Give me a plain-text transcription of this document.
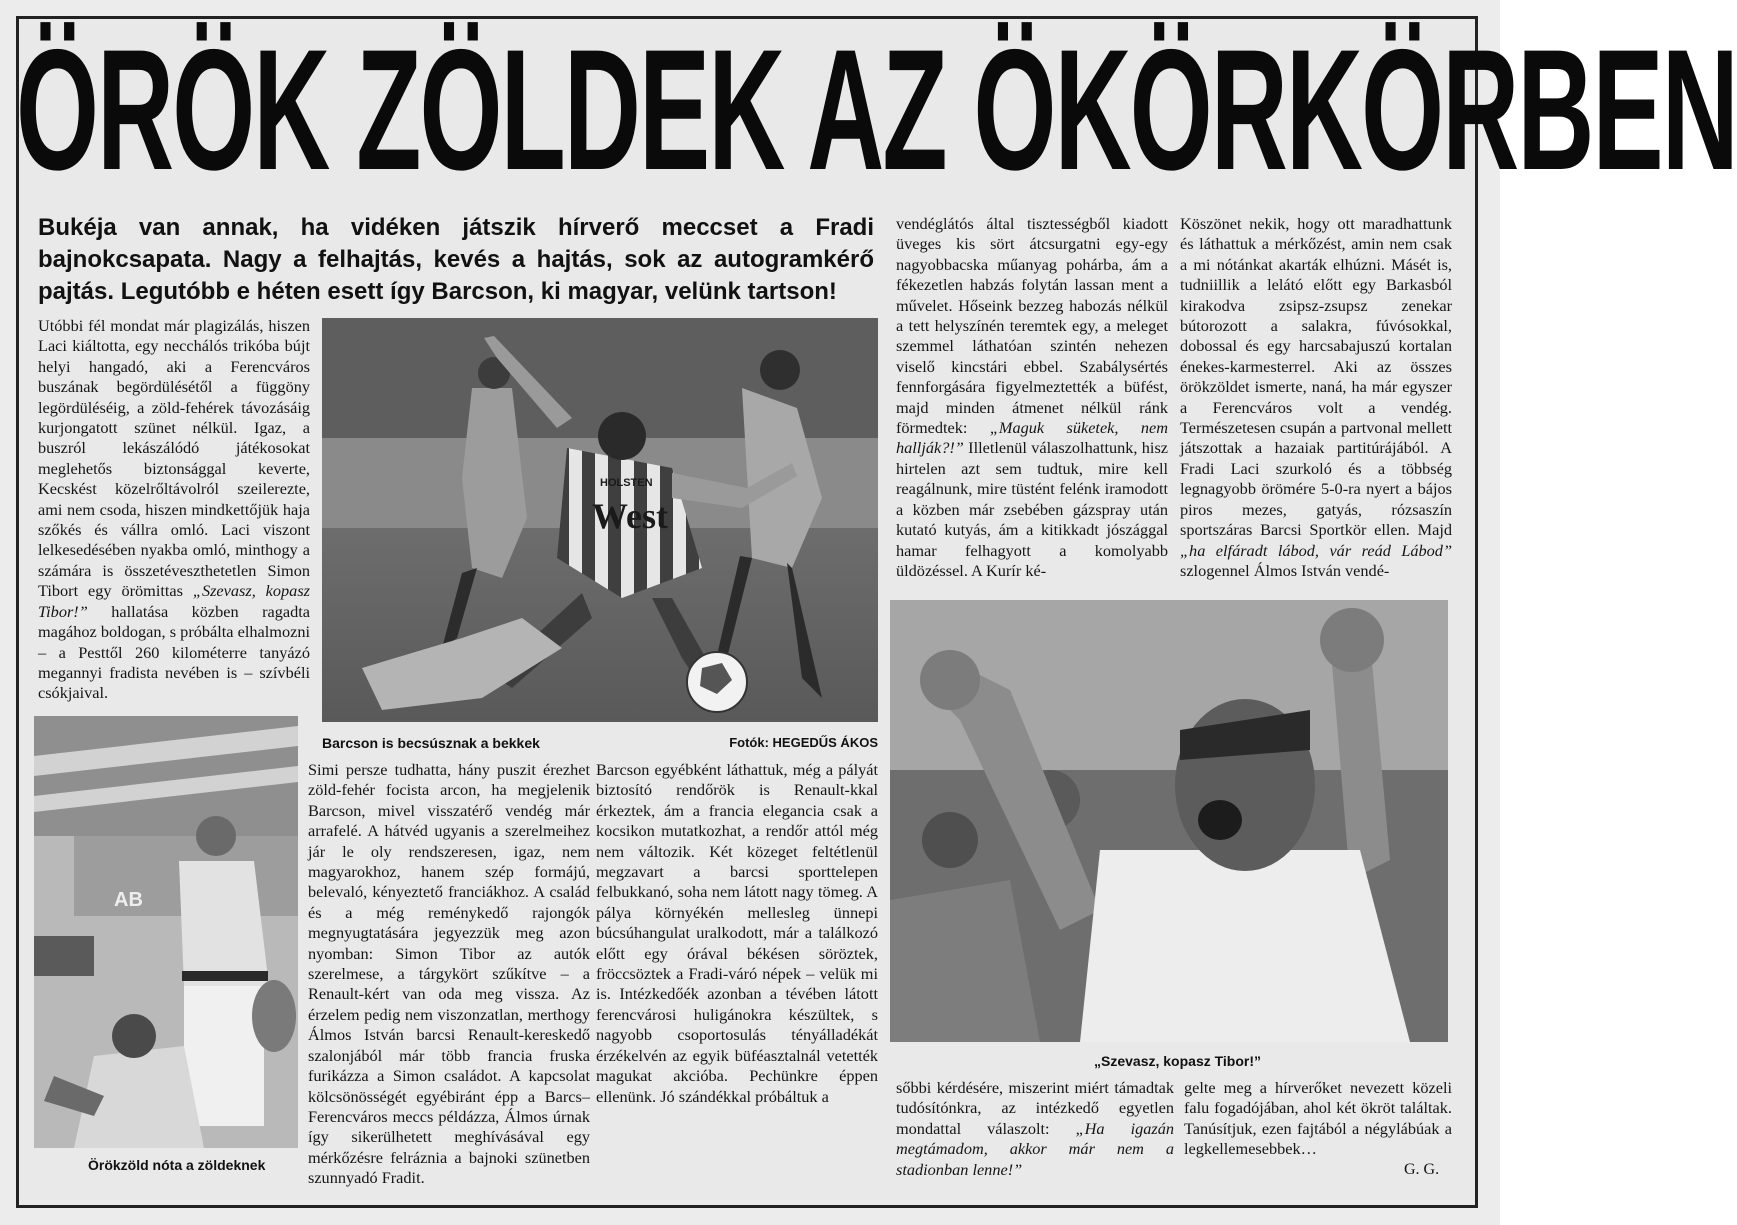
ÖRÖK ZÖLDEK AZ ÖKÖRKÖRBEN

Bukéja van annak, ha vidéken játszik hírverő meccset a Fradi bajnokcsapata. Nagy a felhajtás, kevés a hajtás, sok az autogramkérő pajtás. Legutóbb e héten esett így Barcson, ki magyar, velünk tartson!

Utóbbi fél mondat már plagizálás, hiszen Laci kiáltotta, egy necchálós trikóba bújt helyi hangadó, aki a Ferencváros buszának begördülésétől a függöny legördüléséig, a zöld-fehérek távozásáig kurjongatott szünet nélkül. Igaz, a buszról lekászálódó játékosokat meglehetős biztonsággal keverte, Kecskést közelrőltávolról szeilerezte, ami nem csoda, hiszen mindkettőjük haja szőkés és vállra omló. Laci viszont lelkesedésében nyakba omló, minthogy a számára is összetéveszthetetlen Simon Tibort egy örömittas „Szevasz, kopasz Tibor!” hallatása közben ragadta magához boldogan, s próbálta elhalmozni – a Pesttől 260 kilométerre tanyázó megannyi fradista nevében is – szívbéli csókjaival.

West
HOLSTEN
Barcson is becsúsznak a bekkek	Fotók: HEGEDŰS ÁKOS
AB
Örökzöld nóta a zöldeknek

Simi persze tudhatta, hány puszit érezhet zöld-fehér focista arcon, ha megjelenik Barcson, mivel visszatérő vendég már arrafelé. A hátvéd ugyanis a szerelmeihez jár le oly rendszeresen, igaz, nem magyarokhoz, hanem szép formájú, belevaló, kényeztető franciákhoz. A család és a még reménykedő rajongók megnyugtatására jegyezzük meg azon nyomban: Simon Tibor az autók szerelmese, a tárgykört szűkítve – a Renault-kért van oda meg vissza. Az érzelem pedig nem viszonzatlan, merthogy Álmos István barcsi Renault-kereskedő szalonjából már több francia fruska furikázza a Simon családot. A kapcsolat kölcsönösségét egyébiránt épp a Barcs–Ferencváros meccs példázza, Álmos úrnak így sikerülhetett meghívásával egy mérkőzésre felráznia a bajnoki szünetben szunnyadó Fradit.

Barcson egyébként láthattuk, még a pályát biztosító rendőrök is Renault-kkal érkeztek, ám a francia elegancia csak a kocsikon mutatkozhat, a rendőr attól még nem változik. Két közeget feltétlenül megzavart a barcsi sporttelepen felbukkanó, soha nem látott nagy tömeg. A pálya környékén mellesleg ünnepi búcsúhangulat uralkodott, már a találkozó előtt egy órával békésen söröztek, fröccsöztek a Fradi-váró népek – velük mi is. Intézkedőék azonban a tévében látott ferencvárosi huligánokra készültek, s nagyobb csoportosulás tényálladékát érzékelvén az egyik büféasztalnál vetették magukat akcióba. Pechünkre éppen ellenünk. Jó szándékkal próbáltuk a

vendéglátós által tisztességből kiadott üveges kis sört átcsurgatni egy-egy nagyobbacska műanyag pohárba, ám a fékezetlen habzás folytán lassan ment a művelet. Hőseink bezzeg habozás nélkül a tett helyszínén teremtek egy, a meleget szemmel láthatóan szintén nehezen viselő kincstári ebbel. Szabálysértés fennforgására figyelmeztették a büfést, majd minden átmenet nélkül ránk förmedtek: „Maguk süketek, nem hallják?!” Illetlenül válaszolhattunk, hisz hirtelen azt sem tudtuk, mire kell reagálnunk, mire tüstént felénk iramodott a közben már zsebében gázspray után kutató kutyás, ám a kitikkadt jószággal hamar felhagyott a komolyabb üldözéssel. A Kurír ké-

Köszönet nekik, hogy ott maradhattunk és láthattuk a mérkőzést, amin nem csak a mi nótánkat akarták elhúzni. Másét is, tudniillik a lelátó előtt egy Barkasból kirakodva zsipsz-zsupsz zenekar bútorozott a salakra, fúvósokkal, dobossal és egy harcsabajuszú kortalan énekes-karmesterrel. Aki az összes örökzöldet ismerte, naná, ha már egyszer a Ferencváros volt a vendég. Természetesen csupán a partvonal mellett játszottak a hazaiak partitúrájából. A Fradi Laci szurkoló és a többség legnagyobb örömére 5-0-ra nyert a bájos piros mezes, gatyás, rózsaszín sportszáras Barcsi Sportkör ellen. Majd „ha elfáradt lábod, vár reád Lábod” szlogennel Álmos István vendé-

„Szevasz, kopasz Tibor!”

sőbbi kérdésére, miszerint miért támadtak tudósítónkra, az intézkedő egyetlen mondattal válaszolt: „Ha igazán megtámadom, akkor már nem a stadionban lenne!”

gelte meg a hírverőket nevezett közeli falu fogadójában, ahol két ökröt találtak. Tanúsítjuk, ezen fajtából a négylábúak a legkellemesebbek…

G. G.
